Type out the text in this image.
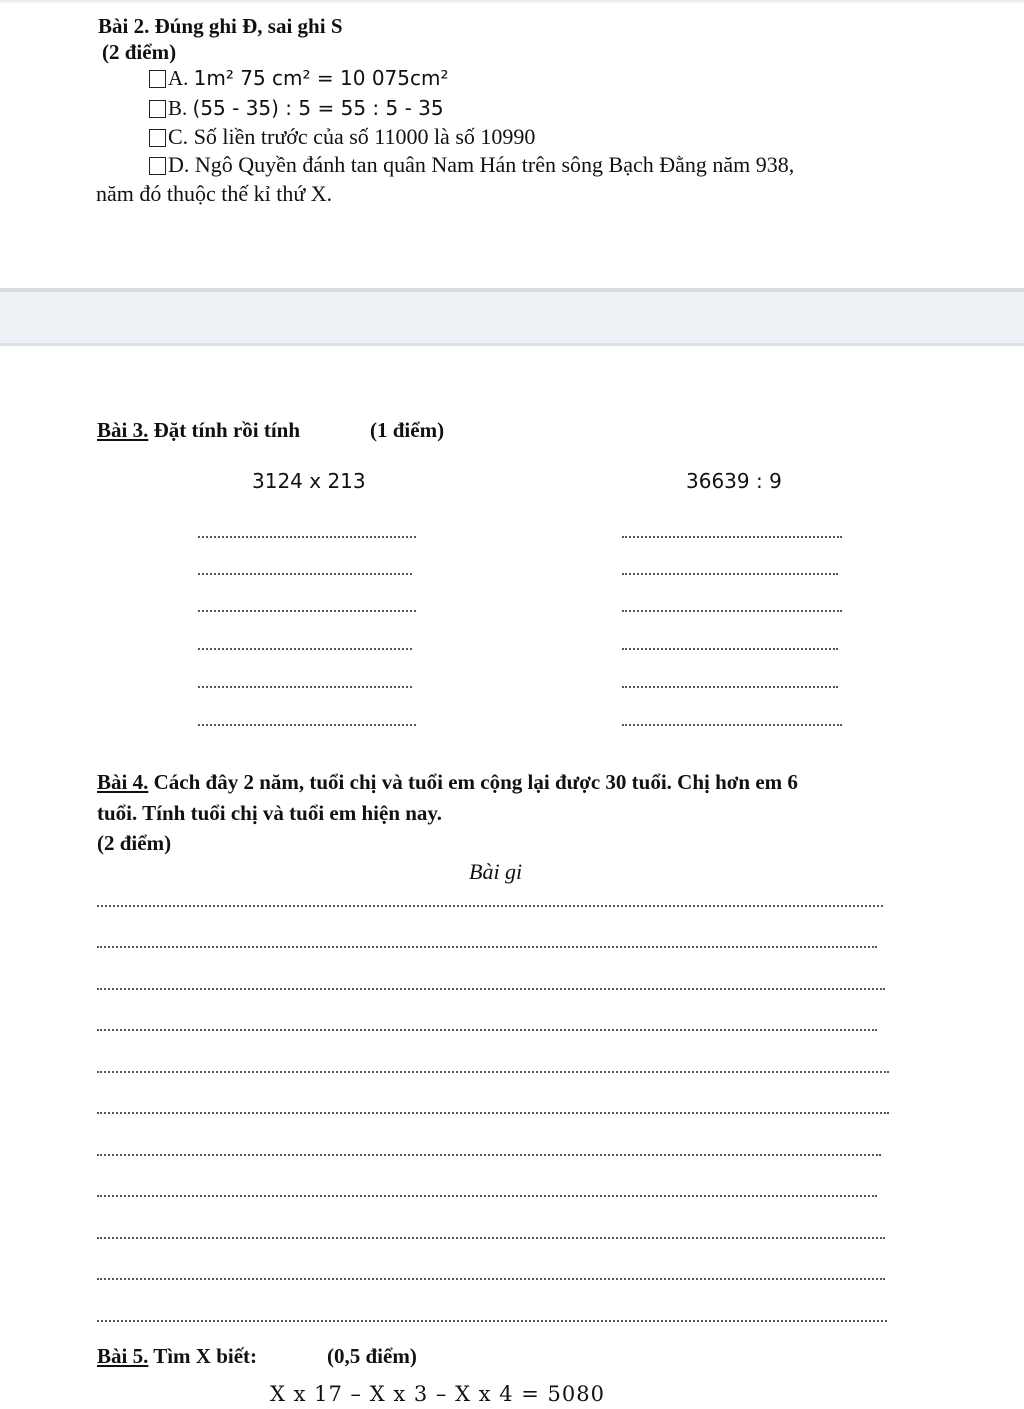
Bài 2. Đúng ghi Đ, sai ghi S
(2 điểm)
A. 1m² 75 cm² = 10 075cm²
B. (55 - 35) : 5 = 55 : 5 - 35
C. Số liền trước của số 11000 là số 10990
D. Ngô Quyền đánh tan quân Nam Hán trên sông Bạch Đằng năm 938,
năm đó thuộc thế kỉ thứ X.
Bài 3. Đặt tính rồi tính	(1 điểm)
3124 x 213	36639 : 9
Bài 4. Cách đây 2 năm, tuổi chị và tuổi em cộng lại được 30 tuổi. Chị hơn em 6
tuổi. Tính tuổi chị và tuổi em hiện nay.
(2 điểm)
Bài gi
Bài 5. Tìm X biết:	(0,5 điểm)
X x 17 – X x 3 – X x 4 = 5080
